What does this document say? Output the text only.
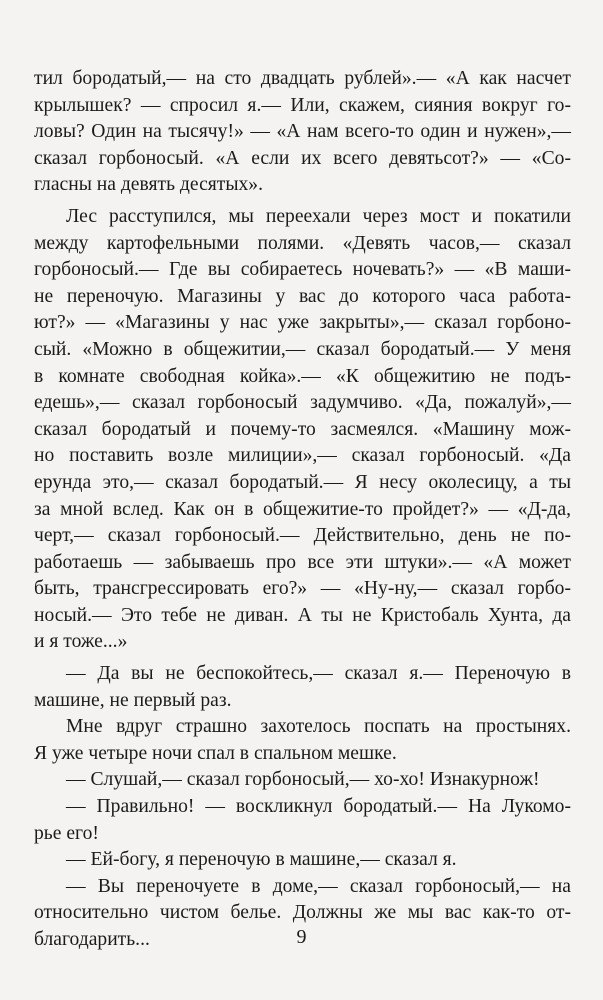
тил бородатый,— на сто двадцать рублей».— «А как насчет
крылышек? — спросил я.— Или, скажем, сияния вокруг го-
ловы? Один на тысячу!» — «А нам всего-то один и нужен»,—
сказал горбоносый. «А если их всего девятьсот?» — «Со-
гласны на девять десятых».
Лес расступился, мы переехали через мост и покатили
между картофельными полями. «Девять часов,— сказал
горбоносый.— Где вы собираетесь ночевать?» — «В маши-
не переночую. Магазины у вас до которого часа работа-
ют?» — «Магазины у нас уже закрыты»,— сказал горбоно-
сый. «Можно в общежитии,— сказал бородатый.— У меня
в комнате свободная койка».— «К общежитию не подъ-
едешь»,— сказал горбоносый задумчиво. «Да, пожалуй»,—
сказал бородатый и почему-то засмеялся. «Машину мож-
но поставить возле милиции»,— сказал горбоносый. «Да
ерунда это,— сказал бородатый.— Я несу околесицу, а ты
за мной вслед. Как он в общежитие-то пройдет?» — «Д-да,
черт,— сказал горбоносый.— Действительно, день не по-
работаешь — забываешь про все эти штуки».— «А может
быть, трансгрессировать его?» — «Ну-ну,— сказал горбо-
носый.— Это тебе не диван. А ты не Кристобаль Хунта, да
и я тоже...»
— Да вы не беспокойтесь,— сказал я.— Переночую в
машине, не первый раз.
Мне вдруг страшно захотелось поспать на простынях.
Я уже четыре ночи спал в спальном мешке.
— Слушай,— сказал горбоносый,— хо-хо! Изнакурнож!
— Правильно! — воскликнул бородатый.— На Лукомо-
рье его!
— Ей-богу, я переночую в машине,— сказал я.
— Вы переночуете в доме,— сказал горбоносый,— на
относительно чистом белье. Должны же мы вас как-то от-
благодарить...	9
